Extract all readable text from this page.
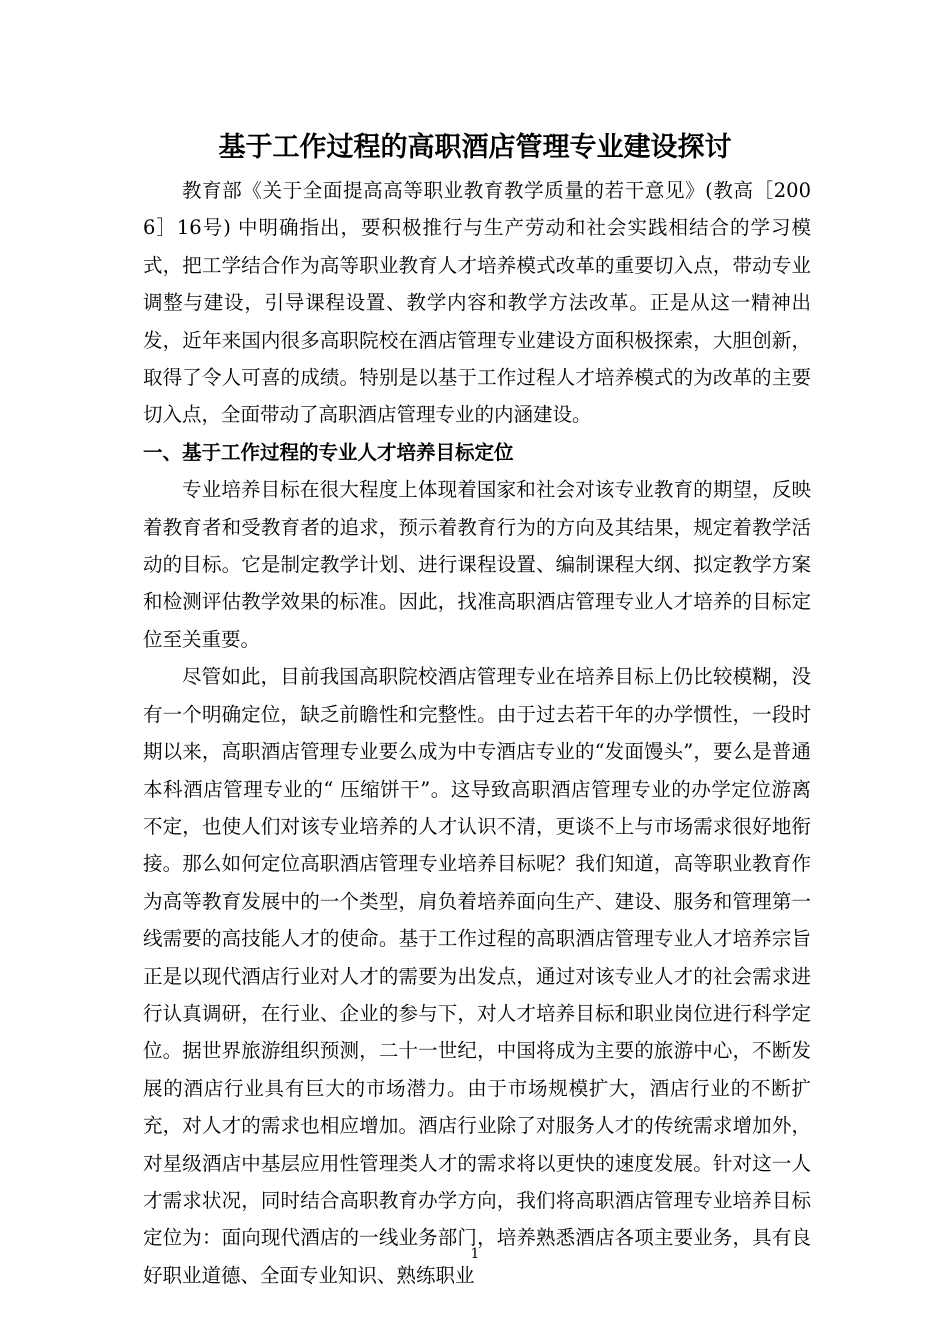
基于工作过程的高职酒店管理专业建设探讨

教育部《关于全面提高高等职业教育教学质量的若干意见》(教高［2006］16号) 中明确指出，要积极推行与生产劳动和社会实践相结合的学习模式，把工学结合作为高等职业教育人才培养模式改革的重要切入点，带动专业调整与建设，引导课程设置、教学内容和教学方法改革。正是从这一精神出发，近年来国内很多高职院校在酒店管理专业建设方面积极探索，大胆创新，取得了令人可喜的成绩。特别是以基于工作过程人才培养模式的为改革的主要切入点，全面带动了高职酒店管理专业的内涵建设。

一、基于工作过程的专业人才培养目标定位

专业培养目标在很大程度上体现着国家和社会对该专业教育的期望，反映着教育者和受教育者的追求，预示着教育行为的方向及其结果，规定着教学活动的目标。它是制定教学计划、进行课程设置、编制课程大纲、拟定教学方案和检测评估教学效果的标准。因此，找准高职酒店管理专业人才培养的目标定位至关重要。

尽管如此，目前我国高职院校酒店管理专业在培养目标上仍比较模糊，没有一个明确定位，缺乏前瞻性和完整性。由于过去若干年的办学惯性，一段时期以来，高职酒店管理专业要么成为中专酒店专业的“发面馒头”，要么是普通本科酒店管理专业的“ 压缩饼干”。这导致高职酒店管理专业的办学定位游离不定，也使人们对该专业培养的人才认识不清，更谈不上与市场需求很好地衔接。那么如何定位高职酒店管理专业培养目标呢？我们知道，高等职业教育作为高等教育发展中的一个类型，肩负着培养面向生产、建设、服务和管理第一线需要的高技能人才的使命。基于工作过程的高职酒店管理专业人才培养宗旨正是以现代酒店行业对人才的需要为出发点，通过对该专业人才的社会需求进行认真调研，在行业、企业的参与下，对人才培养目标和职业岗位进行科学定位。据世界旅游组织预测，二十一世纪，中国将成为主要的旅游中心，不断发展的酒店行业具有巨大的市场潜力。由于市场规模扩大，酒店行业的不断扩充，对人才的需求也相应增加。酒店行业除了对服务人才的传统需求增加外，对星级酒店中基层应用性管理类人才的需求将以更快的速度发展。针对这一人才需求状况，同时结合高职教育办学方向，我们将高职酒店管理专业培养目标定位为：面向现代酒店的一线业务部门，培养熟悉酒店各项主要业务，具有良好职业道德、全面专业知识、熟练职业

1
